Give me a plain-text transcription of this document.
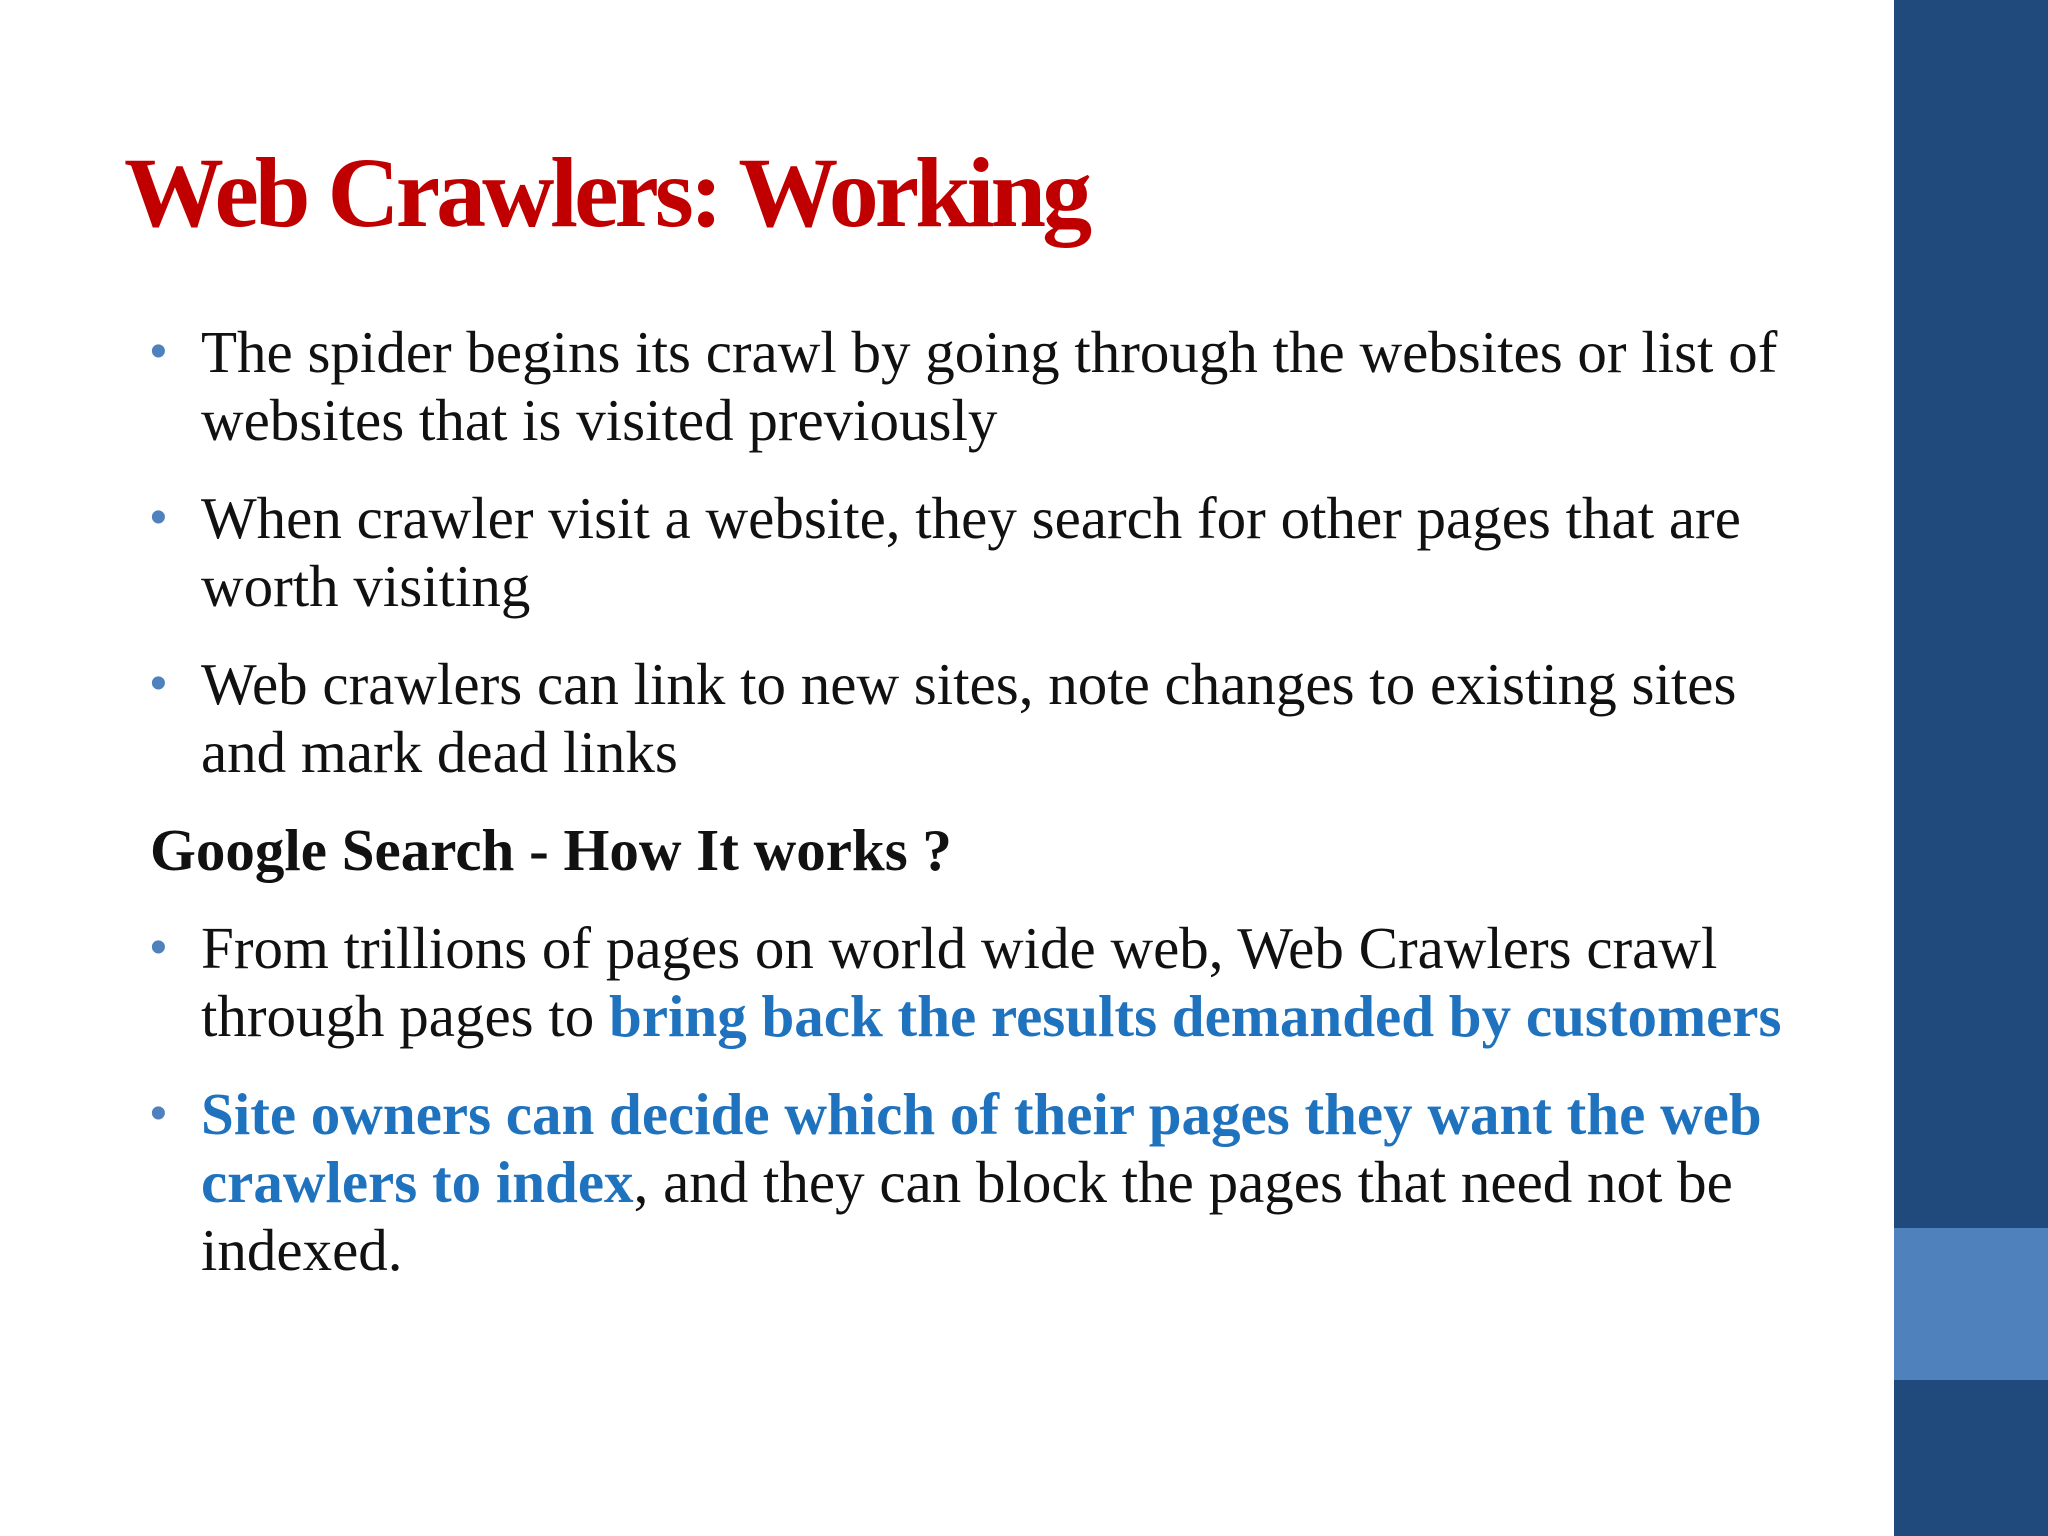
Web Crawlers: Working
• The spider begins its crawl by going through the websites or list of websites that is visited previously
• When crawler visit a website, they search for other pages that are worth visiting
• Web crawlers can link to new sites, note changes to existing sites and mark dead links
Google Search - How It works ?
• From trillions of pages on world wide web, Web Crawlers crawl through pages to bring back the results demanded by customers
• Site owners can decide which of their pages they want the web crawlers to index, and they can block the pages that need not be indexed.
